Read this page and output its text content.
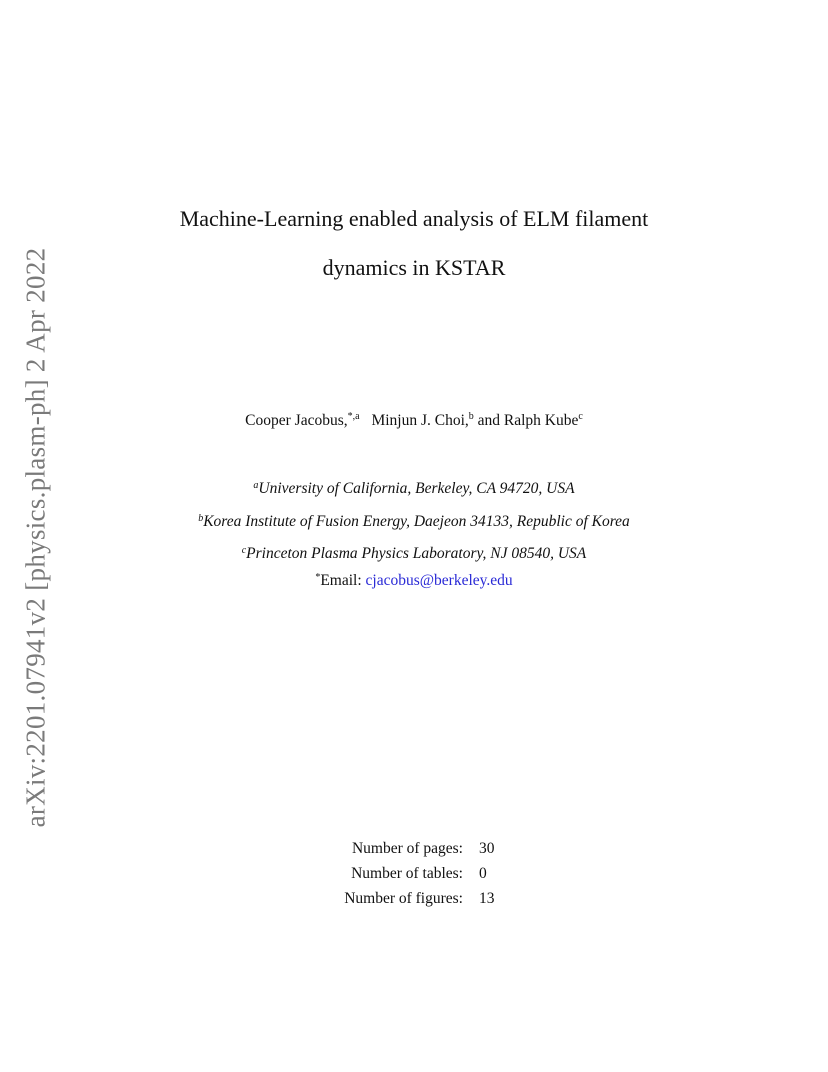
arXiv:2201.07941v2 [physics.plasm-ph] 2 Apr 2022
Machine-Learning enabled analysis of ELM filament
dynamics in KSTAR
Cooper Jacobus,$^{*,a}$ Minjun J. Choi,$^b$ and Ralph Kube$^c$
$^a$University of California, Berkeley, CA 94720, USA
$^b$Korea Institute of Fusion Energy, Daejeon 34133, Republic of Korea
$^c$Princeton Plasma Physics Laboratory, NJ 08540, USA
*Email: cjacobus@berkeley.edu
Number of pages:	30
Number of tables:	0
Number of figures:	13
